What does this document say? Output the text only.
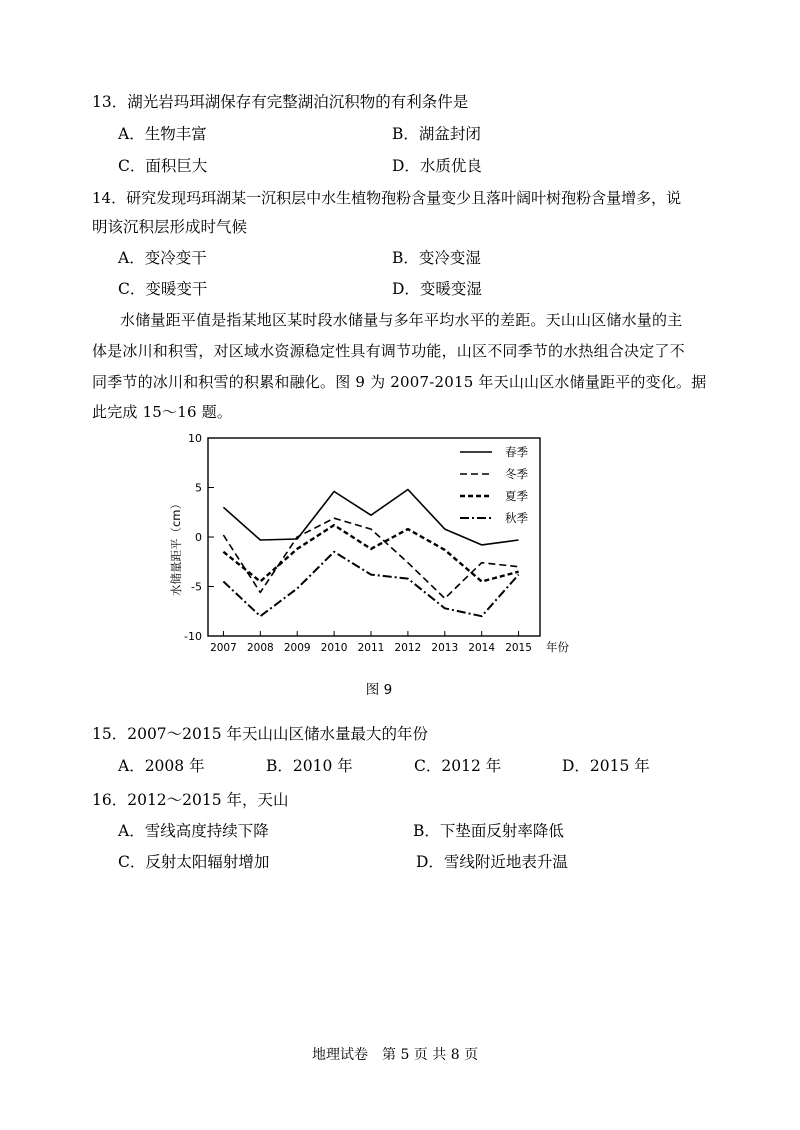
13．湖光岩玛珥湖保存有完整湖泊沉积物的有利条件是
A．生物丰富	B．湖盆封闭
C．面积巨大	D．水质优良
14．研究发现玛珥湖某一沉积层中水生植物孢粉含量变少且落叶阔叶树孢粉含量增多，说
明该沉积层形成时气候
A．变冷变干	B．变冷变湿
C．变暖变干	D．变暖变湿
水储量距平值是指某地区某时段水储量与多年平均水平的差距。天山山区储水量的主
体是冰川和积雪，对区域水资源稳定性具有调节功能，山区不同季节的水热组合决定了不
同季节的冰川和积雪的积累和融化。图 9 为 2007-2015 年天山山区水储量距平的变化。据
此完成 15～16 题。
10
5
0
-5
-10
2007 2008 2009 2010 2011 2012 2013 2014 2015 年份
水储量距平（cm）
春季
冬季
夏季
秋季
图 9
15．2007～2015 年天山山区储水量最大的年份
A．2008 年	B．2010 年	C．2012 年	D．2015 年
16．2012～2015 年，天山
A．雪线高度持续下降	B．下垫面反射率降低
C．反射太阳辐射增加	D．雪线附近地表升温
地理试卷　第 5 页 共 8 页
